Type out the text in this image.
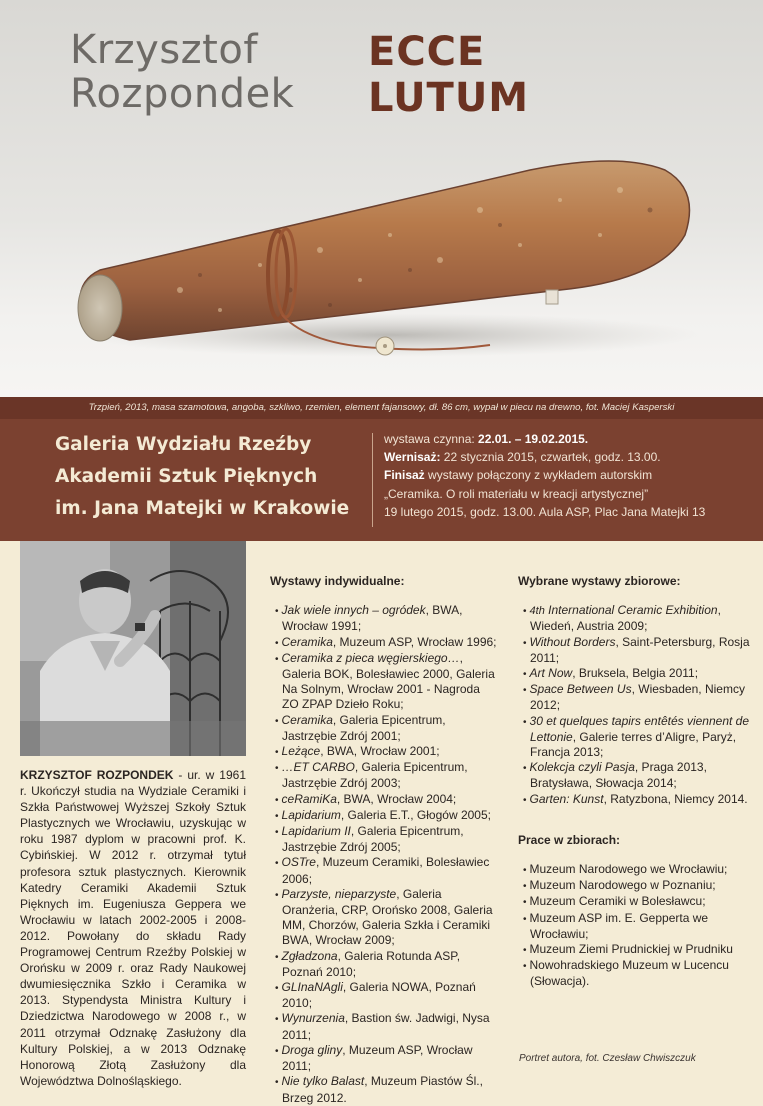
Krzysztof
Rozpondek
ECCE
LUTUM
Trzpień, 2013, masa szamotowa, angoba, szkliwo, rzemien, element fajansowy, dł. 86 cm, wypał w piecu na drewno, fot. Maciej Kasperski
Galeria Wydziału Rzeźby
Akademii Sztuk Pięknych
im. Jana Matejki w Krakowie
wystawa czynna: 22.01. – 19.02.2015.
Wernisaż: 22 stycznia 2015, czwartek, godz. 13.00.
Finisaż wystawy połączony z wykładem autorskim
„Ceramika. O roli materiału w kreacji artystycznej”
19 lutego 2015, godz. 13.00. Aula ASP, Plac Jana Matejki 13
KRZYSZTOF ROZPONDEK - ur. w 1961 r. Ukończył studia na Wydziale Ceramiki i Szkła Państwowej Wyższej Szkoły Sztuk Plastycznych we Wrocławiu, uzyskując w roku 1987 dyplom w pracowni prof. K. Cybińskiej. W 2012 r. otrzymał tytuł profesora sztuk plastycznych. Kierownik Katedry Ceramiki Akademii Sztuk Pięknych im. Eugeniusza Geppera we Wrocławiu w latach 2002-2005 i 2008-2012. Powołany do składu Rady Programowej Centrum Rzeźby Polskiej w Orońsku w 2009 r. oraz Rady Naukowej dwumiesięcznika Szkło i Ceramika w 2013. Stypendysta Ministra Kultury i Dziedzictwa Narodowego w 2008 r., w 2011 otrzymał Odznakę Zasłużony dla Kultury Polskiej, a w 2013 Odznakę Honorową Złotą Zasłużony dla Województwa Dolnośląskiego.
Wystawy indywidualne:
• Jak wiele innych – ogródek, BWA, Wrocław 1991;
• Ceramika, Muzeum ASP, Wrocław 1996;
• Ceramika z pieca węgierskiego…, Galeria BOK, Bolesławiec 2000, Galeria Na Solnym, Wrocław 2001 - Nagroda ZO ZPAP Dzieło Roku;
• Ceramika, Galeria Epicentrum, Jastrzębie Zdrój 2001;
• Leżące, BWA, Wrocław 2001;
• …ET CARBO, Galeria Epicentrum, Jastrzębie Zdrój 2003;
• ceRamiKa, BWA, Wrocław 2004;
• Lapidarium, Galeria E.T., Głogów 2005;
• Lapidarium II, Galeria Epicentrum, Jastrzębie Zdrój 2005;
• OSTre, Muzeum Ceramiki, Bolesławiec 2006;
• Parzyste, nieparzyste, Galeria Oranżeria, CRP, Orońsko 2008, Galeria MM, Chorzów, Galeria Szkła i Ceramiki BWA, Wrocław 2009;
• Zgładzona, Galeria Rotunda ASP, Poznań 2010;
• GLInaNAgli, Galeria NOWA, Poznań 2010;
• Wynurzenia, Bastion św. Jadwigi, Nysa 2011;
• Droga gliny, Muzeum ASP, Wrocław 2011;
• Nie tylko Balast, Muzeum Piastów Śl., Brzeg 2012.
Wybrane wystawy zbiorowe:
• 4th International Ceramic Exhibition, Wiedeń, Austria 2009;
• Without Borders, Saint-Petersburg, Rosja 2011;
• Art Now, Bruksela, Belgia 2011;
• Space Between Us, Wiesbaden, Niemcy 2012;
• 30 et quelques tapirs entêtés viennent de Lettonie, Galerie terres d’Aligre, Paryż, Francja 2013;
• Kolekcja czyli Pasja, Praga 2013, Bratysława, Słowacja 2014;
• Garten: Kunst, Ratyzbona, Niemcy 2014.
Prace w zbiorach:
• Muzeum Narodowego we Wrocławiu;
• Muzeum Narodowego w Poznaniu;
• Muzeum Ceramiki w Bolesławcu;
• Muzeum ASP im. E. Gepperta we Wrocławiu;
• Muzeum Ziemi Prudnickiej w Prudniku
• Nowohradskiego Muzeum w Lucencu (Słowacja).
Portret autora, fot. Czesław Chwiszczuk
